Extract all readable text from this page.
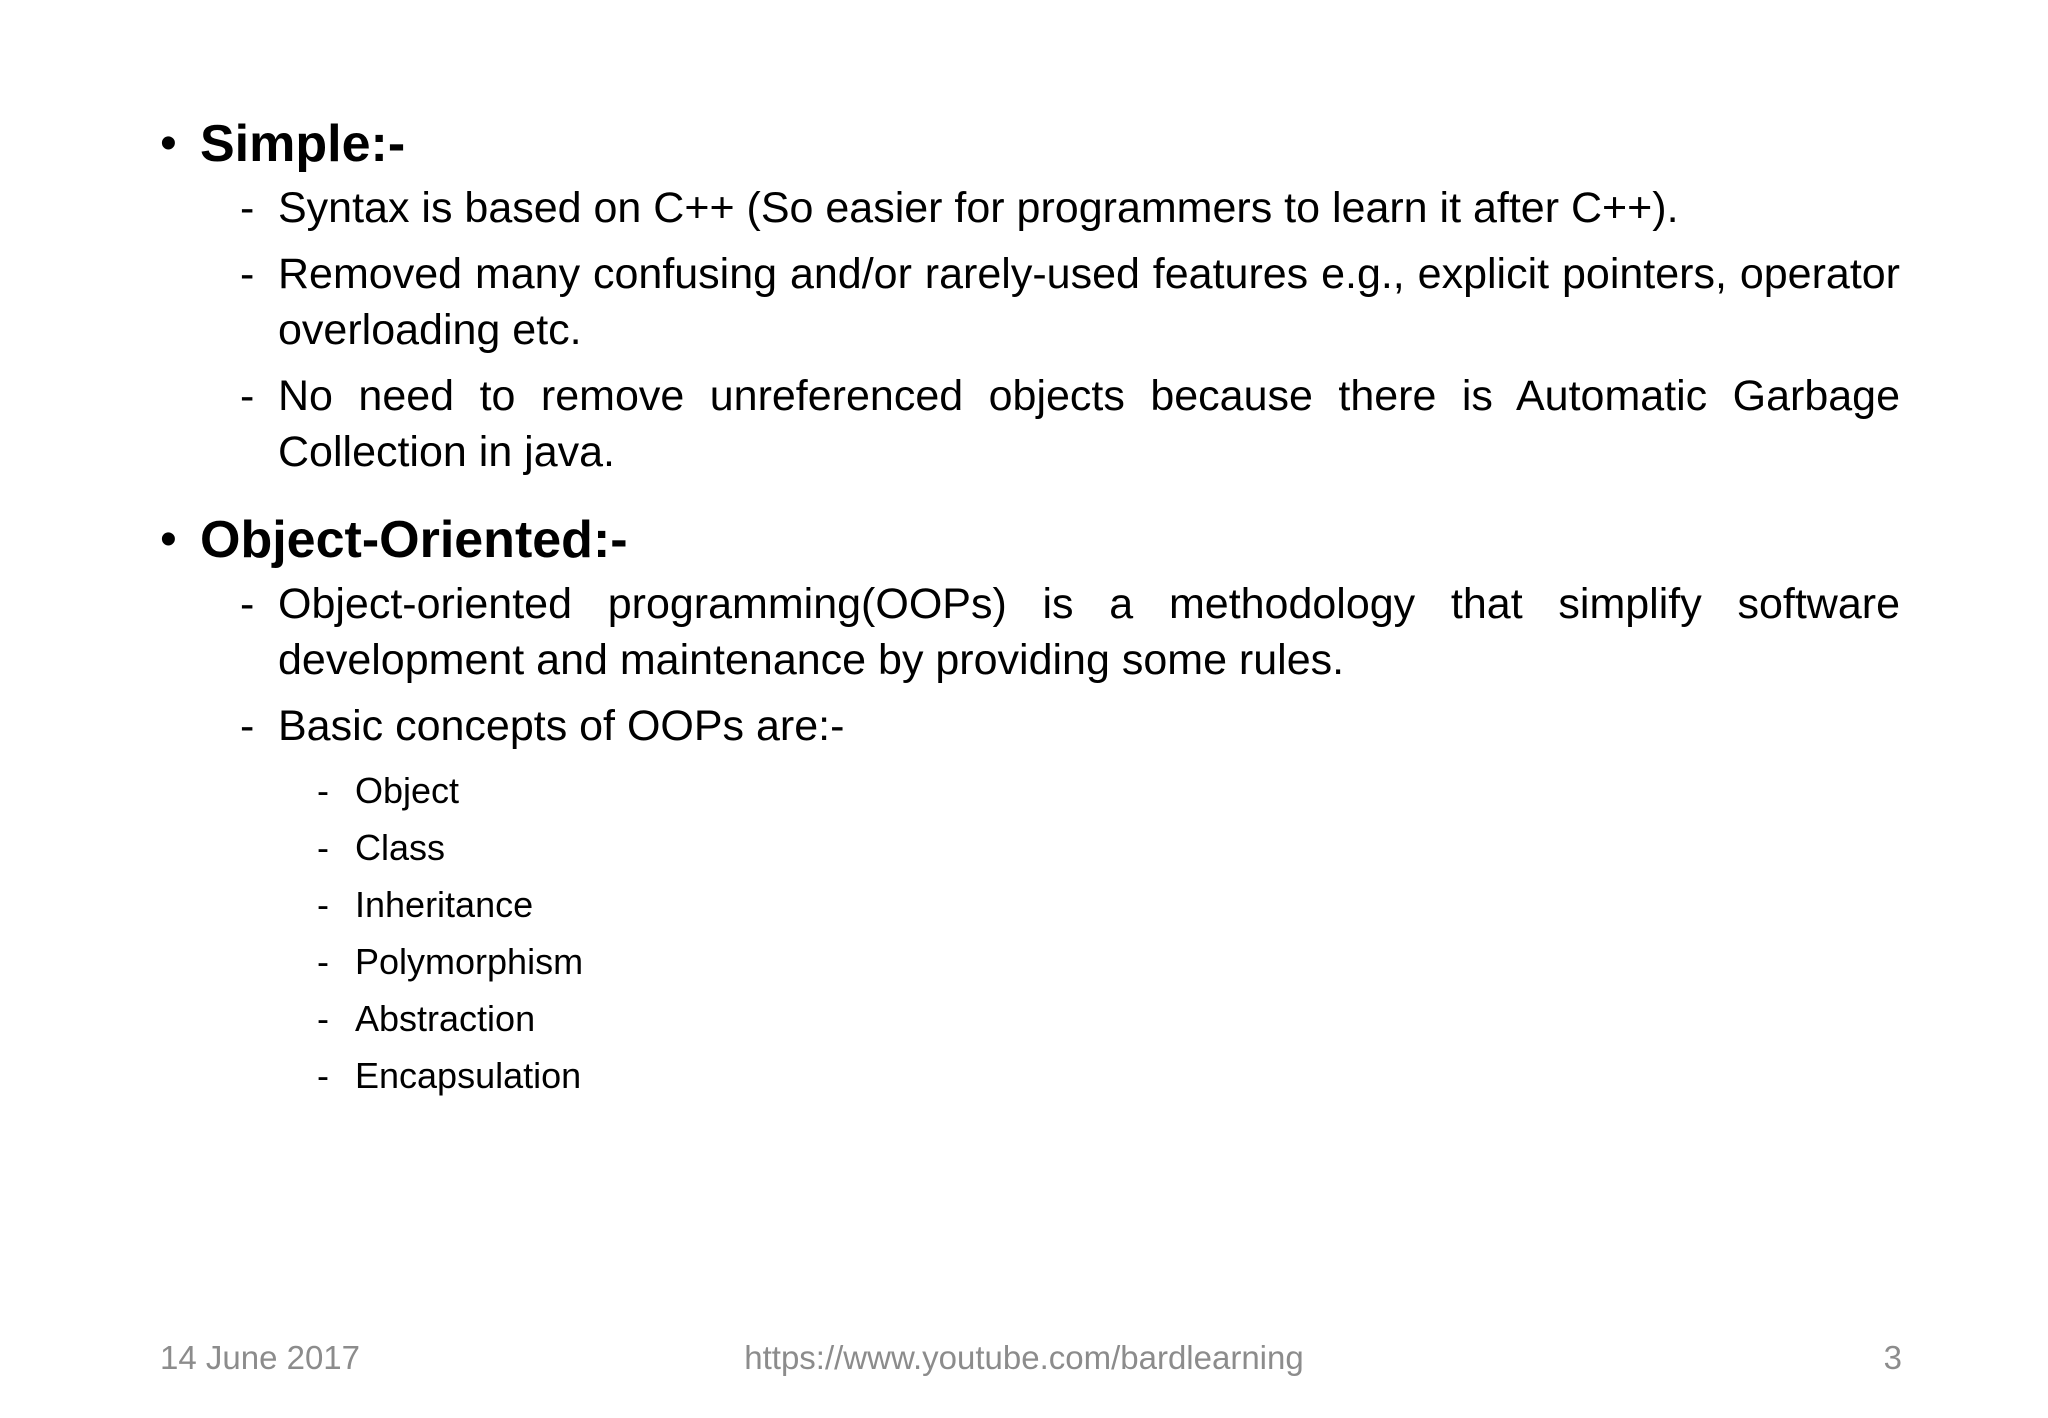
• Simple:-

- Syntax is based on C++ (So easier for programmers to learn it after C++).

- Removed many confusing and/or rarely-used features e.g., explicit pointers, operator overloading etc.

- No need to remove unreferenced objects because there is Automatic Garbage Collection in java.

• Object-Oriented:-

- Object-oriented programming(OOPs) is a methodology that simplify software development and maintenance by providing some rules.

- Basic concepts of OOPs are:-

- Object

- Class

- Inheritance

- Polymorphism

- Abstraction

- Encapsulation

https://www.youtube.com/bardlearning
14 June 2017	3
